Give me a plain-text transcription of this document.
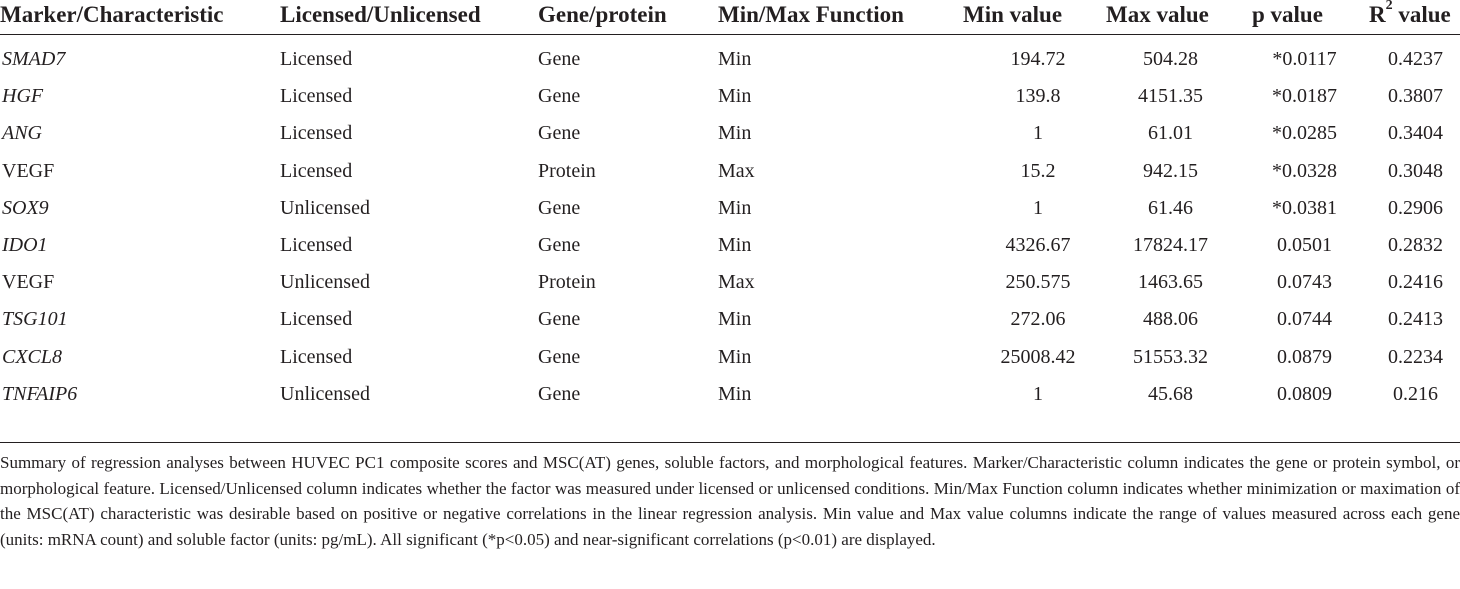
Marker/Characteristic	Licensed/Unlicensed	Gene/protein	Min/Max Function	Min value	Max value	p value	$R^2$ value
SMAD7	Licensed	Gene	Min	194.72	504.28	*0.0117	0.4237
HGF	Licensed	Gene	Min	139.8	4151.35	*0.0187	0.3807
ANG	Licensed	Gene	Min	1	61.01	*0.0285	0.3404
VEGF	Licensed	Protein	Max	15.2	942.15	*0.0328	0.3048
SOX9	Unlicensed	Gene	Min	1	61.46	*0.0381	0.2906
IDO1	Licensed	Gene	Min	4326.67	17824.17	0.0501	0.2832
VEGF	Unlicensed	Protein	Max	250.575	1463.65	0.0743	0.2416
TSG101	Licensed	Gene	Min	272.06	488.06	0.0744	0.2413
CXCL8	Licensed	Gene	Min	25008.42	51553.32	0.0879	0.2234
TNFAIP6	Unlicensed	Gene	Min	1	45.68	0.0809	0.216
Summary of regression analyses between HUVEC PC1 composite scores and MSC(AT) genes, soluble factors, and morphological features. Marker/Characteristic column indicates the gene or protein symbol, or morphological feature. Licensed/Unlicensed column indicates whether the factor was measured under licensed or unlicensed conditions. Min/Max Function column indicates whether minimization or maximation of the MSC(AT) characteristic was desirable based on positive or negative correlations in the linear regression analysis. Min value and Max value columns indicate the range of values measured across each gene (units: mRNA count) and soluble factor (units: pg/mL). All significant (*p<0.05) and near-significant correlations (p<0.01) are displayed.
